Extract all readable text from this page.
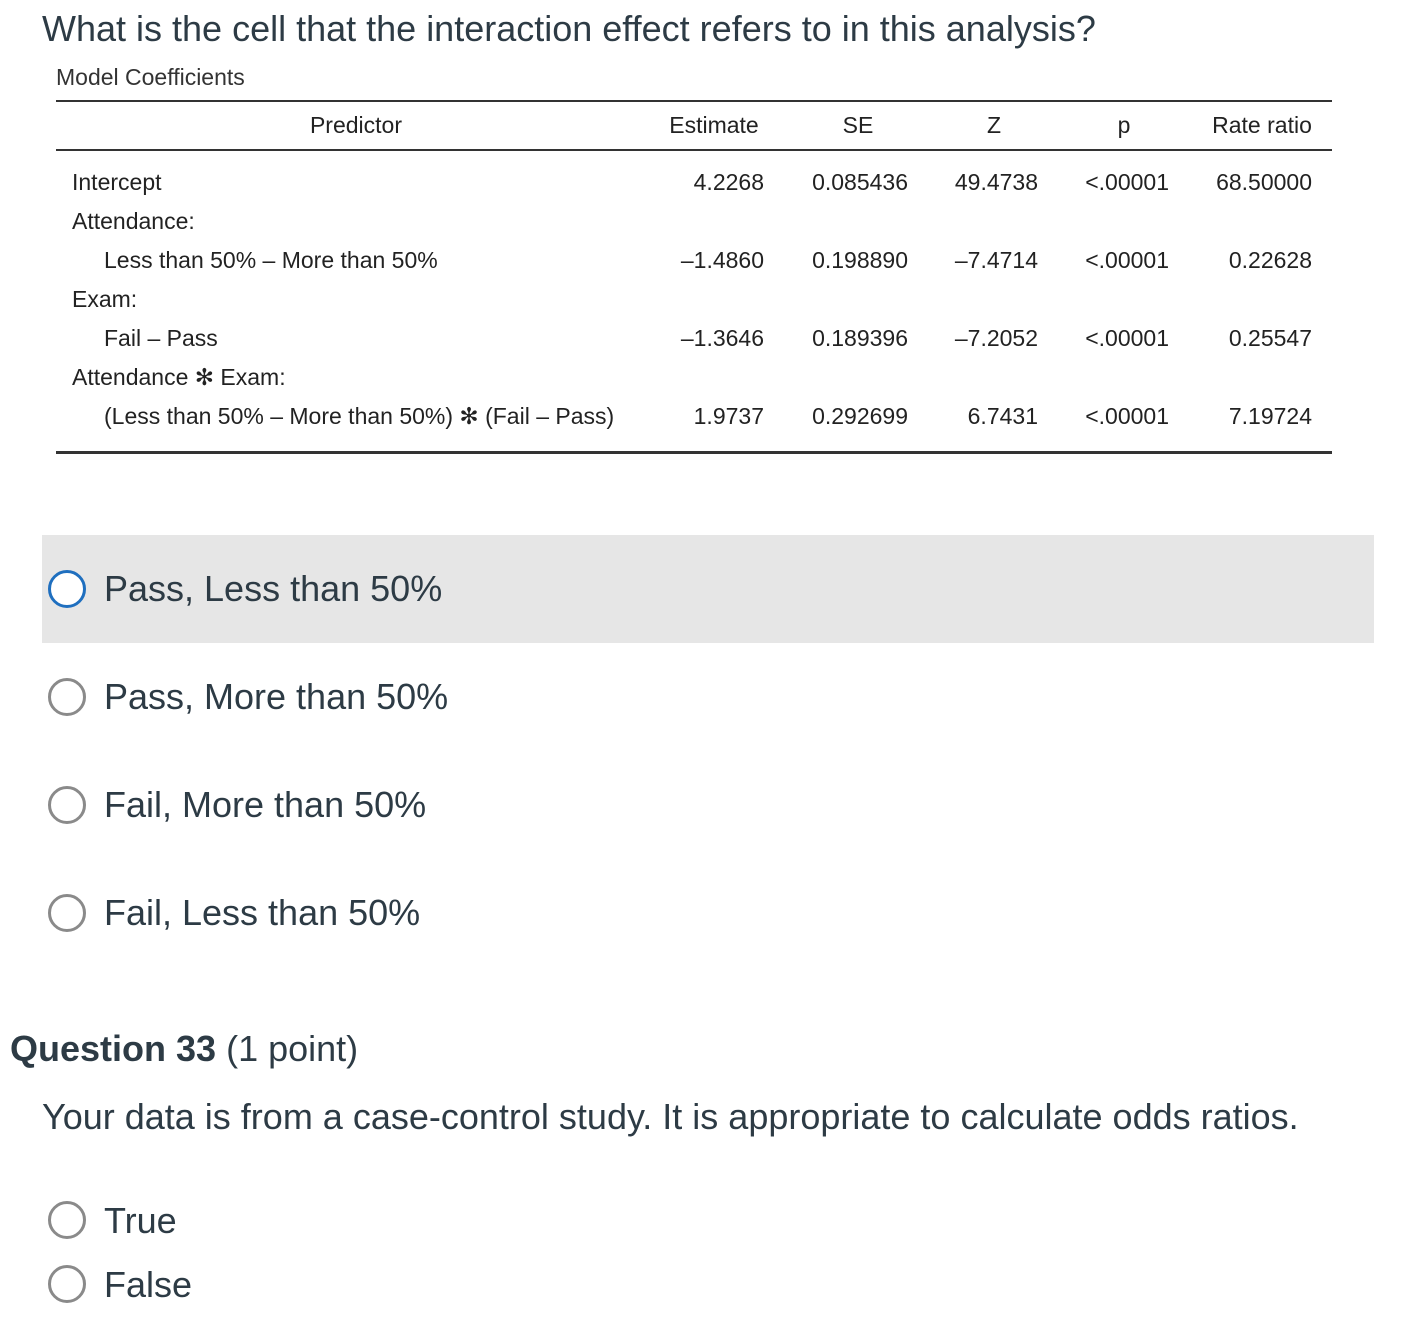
What is the cell that the interaction effect refers to in this analysis?
Model Coefficients
Predictor	Estimate	SE	Z	p	Rate ratio
Intercept	4.2268	0.085436	49.4738	<.00001	68.50000
Attendance:
Less than 50% – More than 50%	–1.4860	0.198890	–7.4714	<.00001	0.22628
Exam:
Fail – Pass	–1.3646	0.189396	–7.2052	<.00001	0.25547
Attendance ✻ Exam:
(Less than 50% – More than 50%) ✻ (Fail – Pass)	1.9737	0.292699	6.7431	<.00001	7.19724
Pass, Less than 50%
Pass, More than 50%
Fail, More than 50%
Fail, Less than 50%
Question 33 (1 point)
Your data is from a case-control study. It is appropriate to calculate odds ratios.
True
False
